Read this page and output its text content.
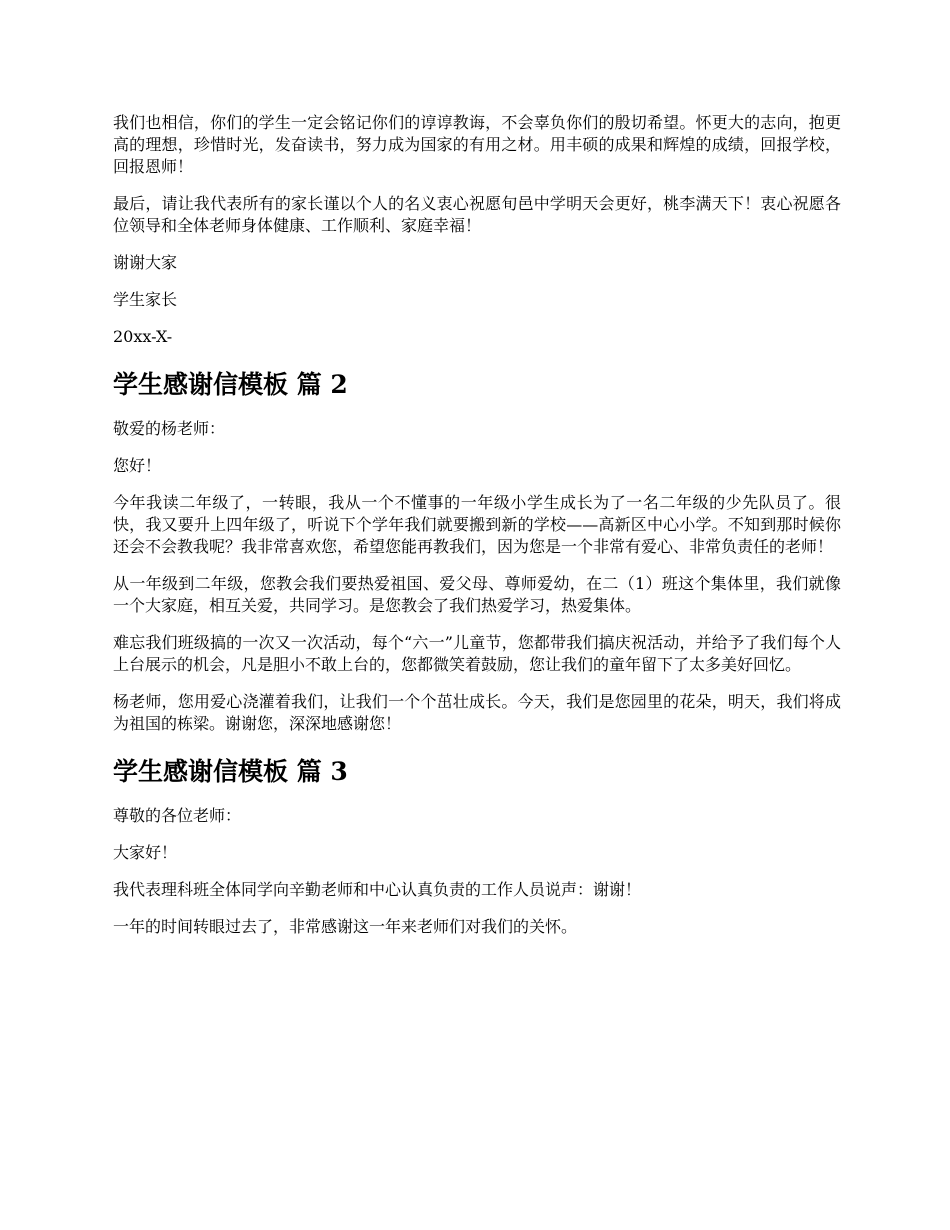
我们也相信，你们的学生一定会铭记你们的谆谆教诲，不会辜负你们的殷切希望。怀更大的志向，抱更高的理想，珍惜时光，发奋读书，努力成为国家的有用之材。用丰硕的成果和辉煌的成绩，回报学校，回报恩师！

最后，请让我代表所有的家长谨以个人的名义衷心祝愿旬邑中学明天会更好，桃李满天下！衷心祝愿各位领导和全体老师身体健康、工作顺利、家庭幸福！

谢谢大家

学生家长

20xx-X-

学生感谢信模板 篇 2

敬爱的杨老师：

您好！

今年我读二年级了，一转眼，我从一个不懂事的一年级小学生成长为了一名二年级的少先队员了。很快，我又要升上四年级了，听说下个学年我们就要搬到新的学校——高新区中心小学。不知到那时候你还会不会教我呢？我非常喜欢您，希望您能再教我们，因为您是一个非常有爱心、非常负责任的老师！

从一年级到二年级，您教会我们要热爱祖国、爱父母、尊师爱幼，在二（1）班这个集体里，我们就像一个大家庭，相互关爱，共同学习。是您教会了我们热爱学习，热爱集体。

难忘我们班级搞的一次又一次活动，每个“六一”儿童节，您都带我们搞庆祝活动，并给予了我们每个人上台展示的机会，凡是胆小不敢上台的，您都微笑着鼓励，您让我们的童年留下了太多美好回忆。

杨老师，您用爱心浇灌着我们，让我们一个个茁壮成长。今天，我们是您园里的花朵，明天，我们将成为祖国的栋梁。谢谢您，深深地感谢您！

学生感谢信模板 篇 3

尊敬的各位老师：

大家好！

我代表理科班全体同学向辛勤老师和中心认真负责的工作人员说声：谢谢！

一年的时间转眼过去了，非常感谢这一年来老师们对我们的关怀。
